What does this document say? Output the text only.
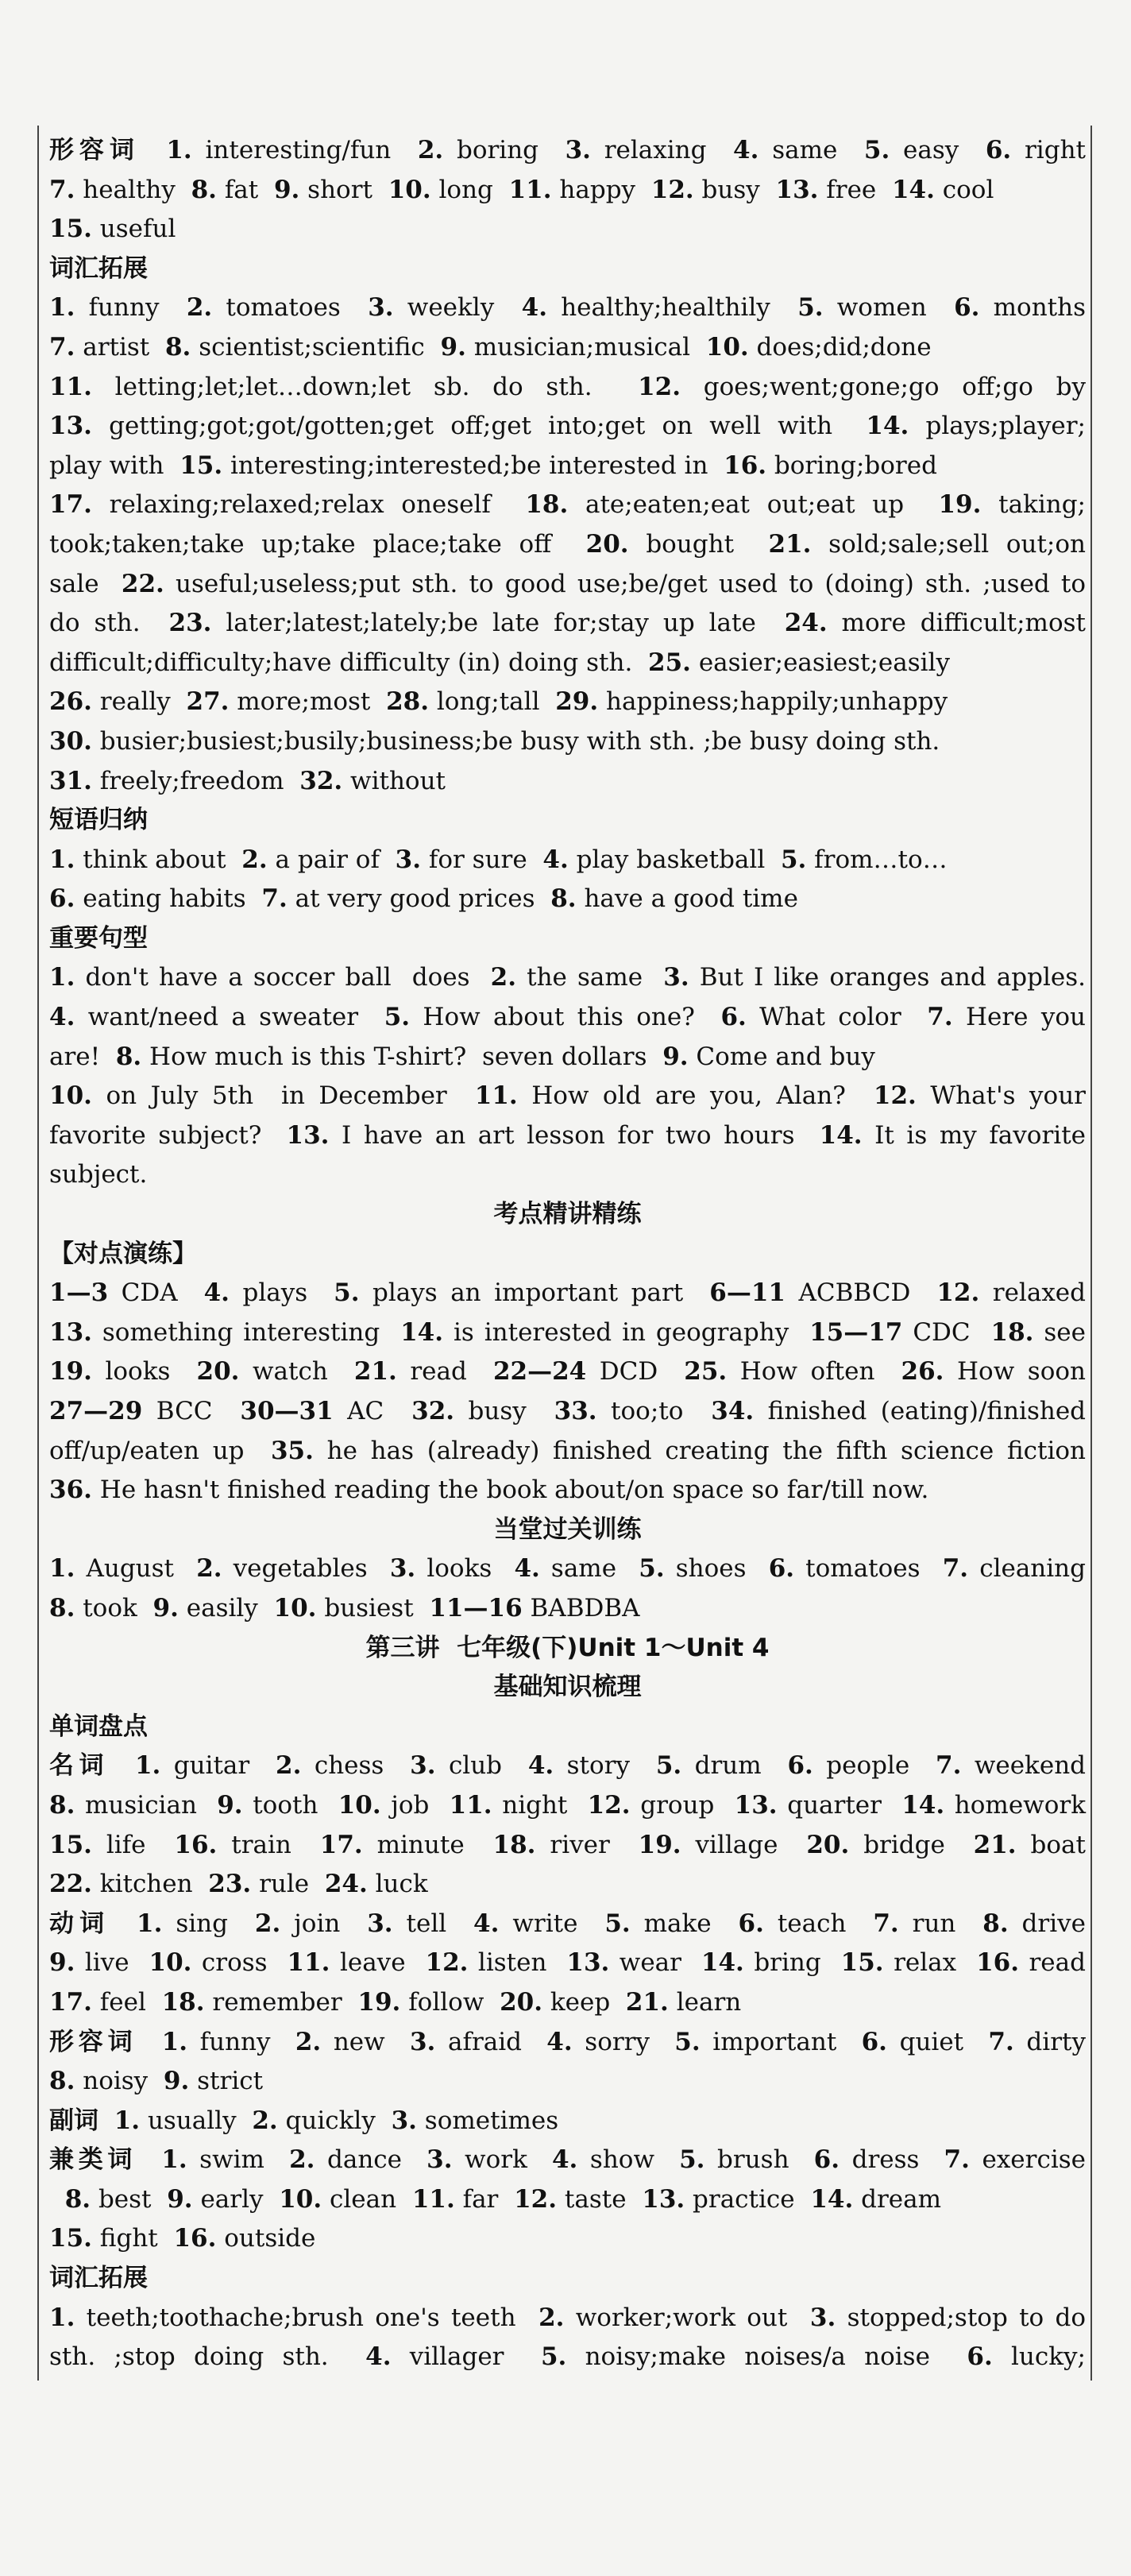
形容词 1. interesting/fun  2. boring  3. relaxing  4. same  5. easy  6. right
7. healthy  8. fat  9. short  10. long  11. happy  12. busy  13. free  14. cool
15. useful
词汇拓展
1. funny  2. tomatoes  3. weekly  4. healthy;healthily  5. women  6. months
7. artist  8. scientist;scientific  9. musician;musical  10. does;did;done
11. letting;let;let…down;let sb. do sth.  12. goes;went;gone;go off;go by
13. getting;got;got/gotten;get off;get into;get on well with  14. plays;player;
play with  15. interesting;interested;be interested in  16. boring;bored
17. relaxing;relaxed;relax oneself  18. ate;eaten;eat out;eat up  19. taking;
took;taken;take up;take place;take off  20. bought  21. sold;sale;sell out;on
sale  22. useful;useless;put sth. to good use;be/get used to (doing) sth. ;used to
do sth.  23. later;latest;lately;be late for;stay up late  24. more difficult;most
difficult;difficulty;have difficulty (in) doing sth.  25. easier;easiest;easily
26. really  27. more;most  28. long;tall  29. happiness;happily;unhappy
30. busier;busiest;busily;business;be busy with sth. ;be busy doing sth.
31. freely;freedom  32. without
短语归纳
1. think about  2. a pair of  3. for sure  4. play basketball  5. from…to…
6. eating habits  7. at very good prices  8. have a good time
重要句型
1. don't have a soccer ball  does  2. the same  3. But I like oranges and apples.
4. want/need a sweater  5. How about this one?  6. What color  7. Here you
are!  8. How much is this T-shirt?  seven dollars  9. Come and buy
10. on July 5th  in December  11. How old are you, Alan?  12. What's your
favorite subject?  13. I have an art lesson for two hours  14. It is my favorite
subject.
考点精讲精练
【对点演练】
1—3 CDA  4. plays  5. plays an important part  6—11 ACBBCD  12. relaxed
13. something interesting  14. is interested in geography  15—17 CDC  18. see
19. looks  20. watch  21. read  22—24 DCD  25. How often  26. How soon
27—29 BCC  30—31 AC  32. busy  33. too;to  34. finished (eating)/finished
off/up/eaten up  35. he has (already) finished creating the fifth science fiction
36. He hasn't finished reading the book about/on space so far/till now.
当堂过关训练
1. August  2. vegetables  3. looks  4. same  5. shoes  6. tomatoes  7. cleaning
8. took  9. easily  10. busiest  11—16 BABDBA
第三讲  七年级(下)Unit 1～Unit 4
基础知识梳理
单词盘点
名词 1. guitar  2. chess  3. club  4. story  5. drum  6. people  7. weekend
8. musician  9. tooth  10. job  11. night  12. group  13. quarter  14. homework
15. life  16. train  17. minute  18. river  19. village  20. bridge  21. boat
22. kitchen  23. rule  24. luck
动词 1. sing  2. join  3. tell  4. write  5. make  6. teach  7. run  8. drive
9. live  10. cross  11. leave  12. listen  13. wear  14. bring  15. relax  16. read
17. feel  18. remember  19. follow  20. keep  21. learn
形容词 1. funny  2. new  3. afraid  4. sorry  5. important  6. quiet  7. dirty
8. noisy  9. strict
副词 1. usually  2. quickly  3. sometimes
兼类词 1. swim  2. dance  3. work  4. show  5. brush  6. dress  7. exercise
8. best  9. early  10. clean  11. far  12. taste  13. practice  14. dream
15. fight  16. outside
词汇拓展
1. teeth;toothache;brush one's teeth  2. worker;work out  3. stopped;stop to do
sth. ;stop doing sth.  4. villager  5. noisy;make noises/a noise  6. lucky;
